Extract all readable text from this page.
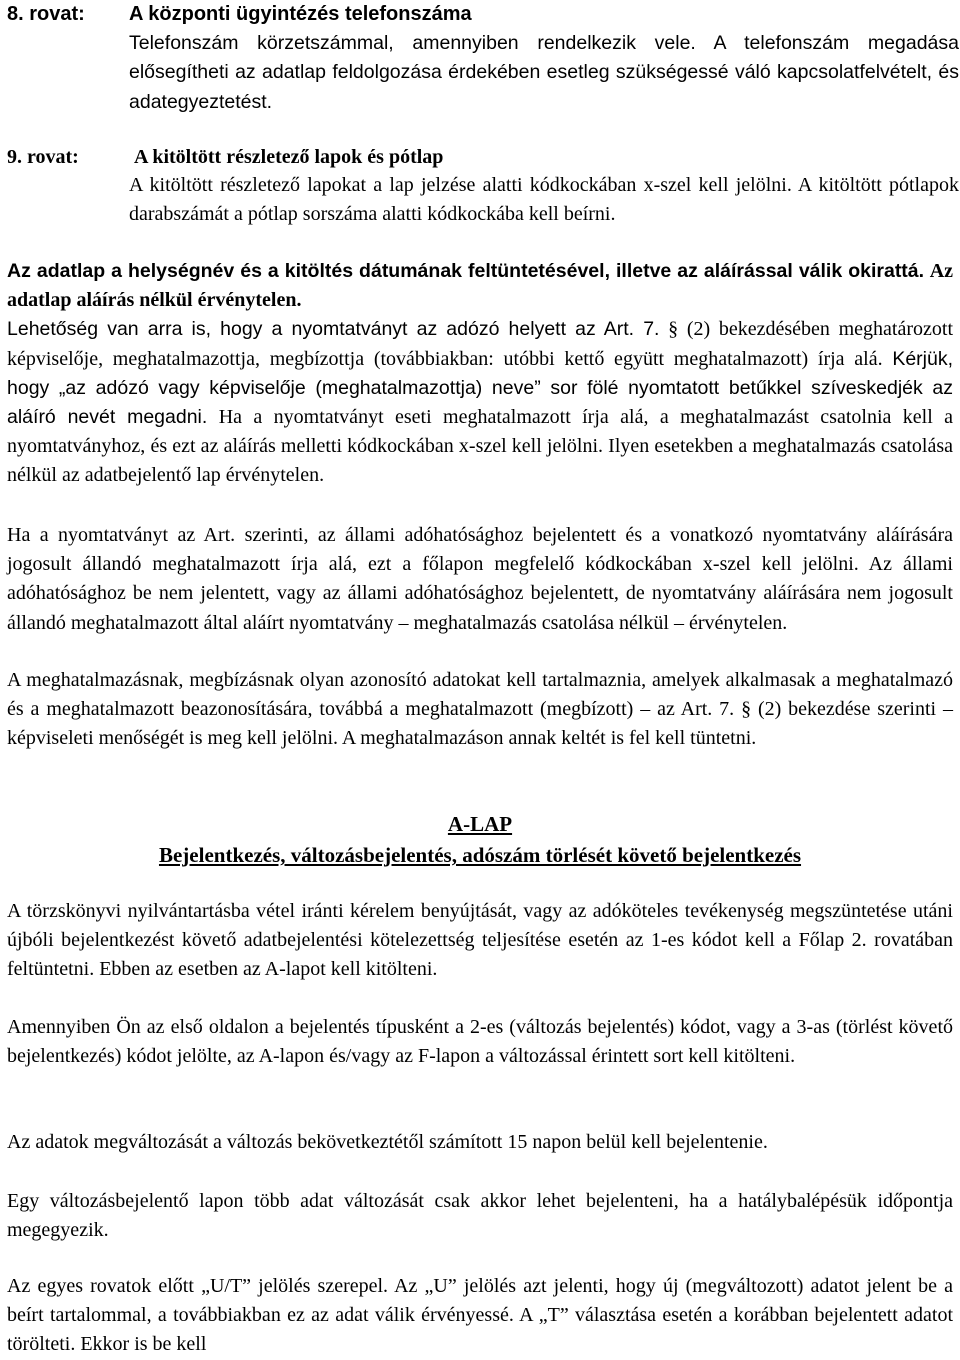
8. rovat: A központi ügyintézés telefonszáma
Telefonszám körzetszámmal, amennyiben rendelkezik vele. A telefonszám megadása elősegítheti az adatlap feldolgozása érdekében esetleg szükségessé váló kapcsolatfelvételt, és adategyeztetést.
9. rovat:	A kitöltött részletező lapok és pótlap
A kitöltött részletező lapokat a lap jelzése alatti kódkockában x-szel kell jelölni. A kitöltött pótlapok darabszámát a pótlap sorszáma alatti kódkockába kell beírni.

Az adatlap a helységnév és a kitöltés dátumának feltüntetésével, illetve az aláírással válik okirattá. Az adatlap aláírás nélkül érvénytelen.
Lehetőség van arra is, hogy a nyomtatványt az adózó helyett az Art. 7. § (2) bekezdésében meghatározott képviselője, meghatalmazottja, megbízottja (továbbiakban: utóbbi kettő együtt meghatalmazott) írja alá. Kérjük, hogy „az adózó vagy képviselője (meghatalmazottja) neve” sor fölé nyomtatott betűkkel szíveskedjék az aláíró nevét megadni. Ha a nyomtatványt eseti meghatalmazott írja alá, a meghatalmazást csatolnia kell a nyomtatványhoz, és ezt az aláírás melletti kódkockában x-szel kell jelölni. Ilyen esetekben a meghatalmazás csatolása nélkül az adatbejelentő lap érvénytelen.

Ha a nyomtatványt az Art. szerinti, az állami adóhatósághoz bejelentett és a vonatkozó nyomtatvány aláírására jogosult állandó meghatalmazott írja alá, ezt a főlapon megfelelő kódkockában x-szel kell jelölni. Az állami adóhatósághoz be nem jelentett, vagy az állami adóhatósághoz bejelentett, de nyomtatvány aláírására nem jogosult állandó meghatalmazott által aláírt nyomtatvány – meghatalmazás csatolása nélkül – érvénytelen.

A meghatalmazásnak, megbízásnak olyan azonosító adatokat kell tartalmaznia, amelyek alkalmasak a meghatalmazó és a meghatalmazott beazonosítására, továbbá a meghatalmazott (megbízott) – az Art. 7. § (2) bekezdése szerinti – képviseleti menőségét is meg kell jelölni. A meghatalmazáson annak keltét is fel kell tüntetni.

A-LAP
Bejelentkezés, változásbejelentés, adószám törlését követő bejelentkezés

A törzskönyvi nyilvántartásba vétel iránti kérelem benyújtását, vagy az adóköteles tevékenység megszüntetése utáni újbóli bejelentkezést követő adatbejelentési kötelezettség teljesítése esetén az 1-es kódot kell a Főlap 2. rovatában feltüntetni. Ebben az esetben az A-lapot kell kitölteni.

Amennyiben Ön az első oldalon a bejelentés típusként a 2-es (változás bejelentés) kódot, vagy a 3-as (törlést követő bejelentkezés) kódot jelölte, az A-lapon és/vagy az F-lapon a változással érintett sort kell kitölteni.

Az adatok megváltozását a változás bekövetkeztétől számított 15 napon belül kell bejelentenie.

Egy változásbejelentő lapon több adat változását csak akkor lehet bejelenteni, ha a hatálybalépésük időpontja megegyezik.

Az egyes rovatok előtt „U/T” jelölés szerepel. Az „U” jelölés azt jelenti, hogy új (megváltozott) adatot jelent be a beírt tartalommal, a továbbiakban ez az adat válik érvényessé. A „T” választása esetén a korábban bejelentett adatot törölteti. Ekkor is be kell
